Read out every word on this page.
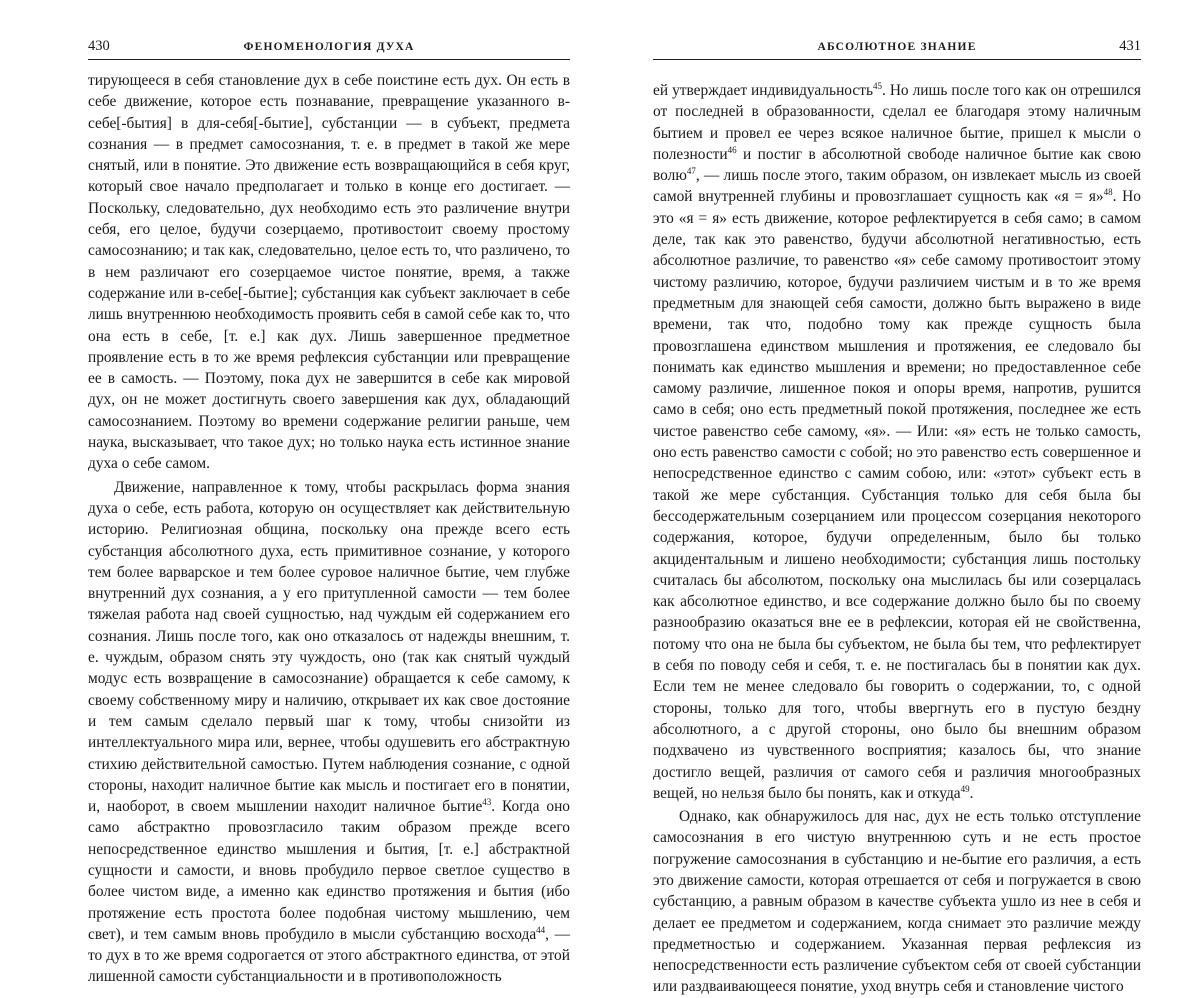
430	ФЕНОМЕНОЛОГИЯ ДУХА

тирующееся в себя становление дух в себе поистине есть дух. Он есть в себе движение, которое есть познавание, превращение указанного в-себе[-бытия] в для-себя[-бытие], субстанции — в субъект, предмета сознания — в предмет самосознания, т. е. в предмет в такой же мере снятый, или в понятие. Это движение есть возвращающийся в себя круг, который свое начало предполагает и только в конце его достигает. — Поскольку, следовательно, дух необходимо есть это различение внутри себя, его целое, будучи созерцаемо, противостоит своему простому самосознанию; и так как, следовательно, целое есть то, что различено, то в нем различают его созерцаемое чистое понятие, время, а также содержание или в-себе[-бытие]; субстанция как субъект заключает в себе лишь внутреннюю необходимость проявить себя в самой себе как то, что она есть в себе, [т. е.] как дух. Лишь завершенное предметное проявление есть в то же время рефлексия субстанции или превращение ее в самость. — Поэтому, пока дух не завершится в себе как мировой дух, он не может достигнуть своего завершения как дух, обладающий самосознанием. Поэтому во времени содержание религии раньше, чем наука, высказывает, что такое дух; но только наука есть истинное знание духа о себе самом.

Движение, направленное к тому, чтобы раскрылась форма знания духа о себе, есть работа, которую он осуществляет как действительную историю. Религиозная община, поскольку она прежде всего есть субстанция абсолютного духа, есть примитивное сознание, у которого тем более варварское и тем более суровое наличное бытие, чем глубже внутренний дух сознания, а у его притупленной самости — тем более тяжелая работа над своей сущностью, над чуждым ей содержанием его сознания. Лишь после того, как оно отказалось от надежды внешним, т. е. чуждым, образом снять эту чуждость, оно (так как снятый чуждый модус есть возвращение в самосознание) обращается к себе самому, к своему собственному миру и наличию, открывает их как свое достояние и тем самым сделало первый шаг к тому, чтобы снизойти из интеллектуального мира или, вернее, чтобы одушевить его абстрактную стихию действительной самостью. Путем наблюдения сознание, с одной стороны, находит наличное бытие как мысль и постигает его в понятии, и, наоборот, в своем мышлении находит наличное бытие$^{43}$. Когда оно само абстрактно провозгласило таким образом прежде всего непосредственное единство мышления и бытия, [т. е.] абстрактной сущности и самости, и вновь пробудило первое светлое существо в более чистом виде, а именно как единство протяжения и бытия (ибо протяжение есть простота более подобная чистому мышлению, чем свет), и тем самым вновь пробудило в мысли субстанцию восхода$^{44}$, — то дух в то же время содрогается от этого абстрактного единства, от этой лишенной самости субстанциальности и в противоположность

АБСОЛЮТНОЕ ЗНАНИЕ	431

ей утверждает индивидуальность$^{45}$. Но лишь после того как он отрешился от последней в образованности, сделал ее благодаря этому наличным бытием и провел ее через всякое наличное бытие, пришел к мысли о полезности$^{46}$ и постиг в абсолютной свободе наличное бытие как свою волю$^{47}$, — лишь после этого, таким образом, он извлекает мысль из своей самой внутренней глубины и провозглашает сущность как «я = я»$^{48}$. Но это «я = я» есть движение, которое рефлектируется в себя само; в самом деле, так как это равенство, будучи абсолютной негативностью, есть абсолютное различие, то равенство «я» себе самому противостоит этому чистому различию, которое, будучи различием чистым и в то же время предметным для знающей себя самости, должно быть выражено в виде времени, так что, подобно тому как прежде сущность была провозглашена единством мышления и протяжения, ее следовало бы понимать как единство мышления и времени; но предоставленное себе самому различие, лишенное покоя и опоры время, напротив, рушится само в себя; оно есть предметный покой протяжения, последнее же есть чистое равенство себе самому, «я». — Или: «я» есть не только самость, оно есть равенство самости с собой; но это равенство есть совершенное и непосредственное единство с самим собою, или: «этот» субъект есть в такой же мере субстанция. Субстанция только для себя была бы бессодержательным созерцанием или процессом созерцания некоторого содержания, которое, будучи определенным, было бы только акцидентальным и лишено необходимости; субстанция лишь постольку считалась бы абсолютом, поскольку она мыслилась бы или созерцалась как абсолютное единство, и все содержание должно было бы по своему разнообразию оказаться вне ее в рефлексии, которая ей не свойственна, потому что она не была бы субъектом, не была бы тем, что рефлектирует в себя по поводу себя и себя, т. е. не постигалась бы в понятии как дух. Если тем не менее следовало бы говорить о содержании, то, с одной стороны, только для того, чтобы ввергнуть его в пустую бездну абсолютного, а с другой стороны, оно было бы внешним образом подхвачено из чувственного восприятия; казалось бы, что знание достигло вещей, различия от самого себя и различия многообразных вещей, но нельзя было бы понять, как и откуда$^{49}$.

Однако, как обнаружилось для нас, дух не есть только отступление самосознания в его чистую внутреннюю суть и не есть простое погружение самосознания в субстанцию и не-бытие его различия, а есть это движение самости, которая отрешается от себя и погружается в свою субстанцию, а равным образом в качестве субъекта ушло из нее в себя и делает ее предметом и содержанием, когда снимает это различие между предметностью и содержанием. Указанная первая рефлексия из непосредственности есть различение субъектом себя от своей субстанции или раздваивающееся понятие, уход внутрь себя и становление чистого
